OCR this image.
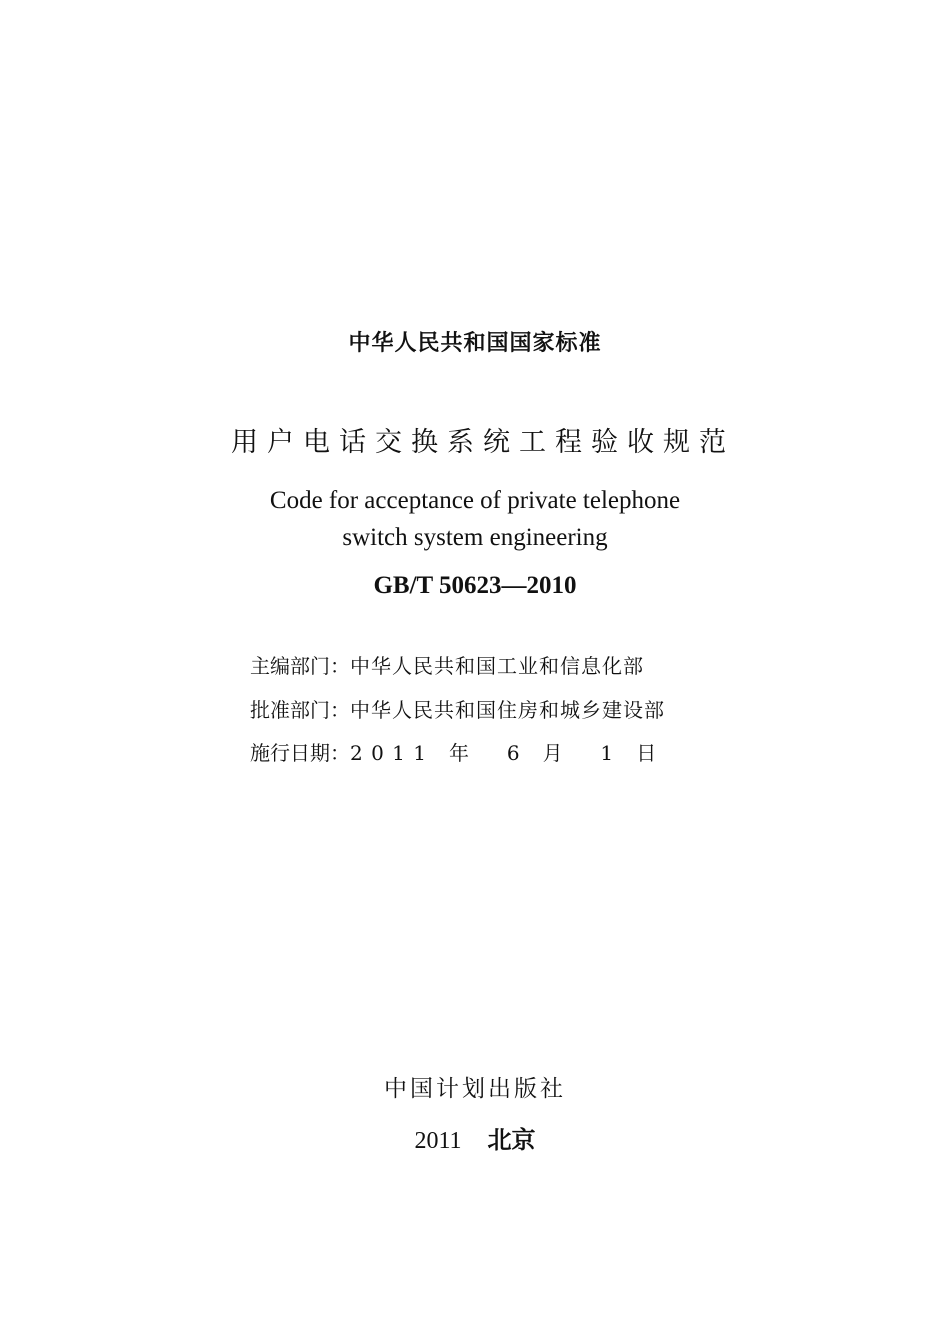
中华人民共和国国家标准
用户电话交换系统工程验收规范
Code for acceptance of private telephone
switch system engineering
GB/T 50623—2010
主编部门：中华人民共和国工业和信息化部
批准部门：中华人民共和国住房和城乡建设部
施行日期：2 0 1 1   年     6   月     1   日
中国计划出版社
2011 北京
